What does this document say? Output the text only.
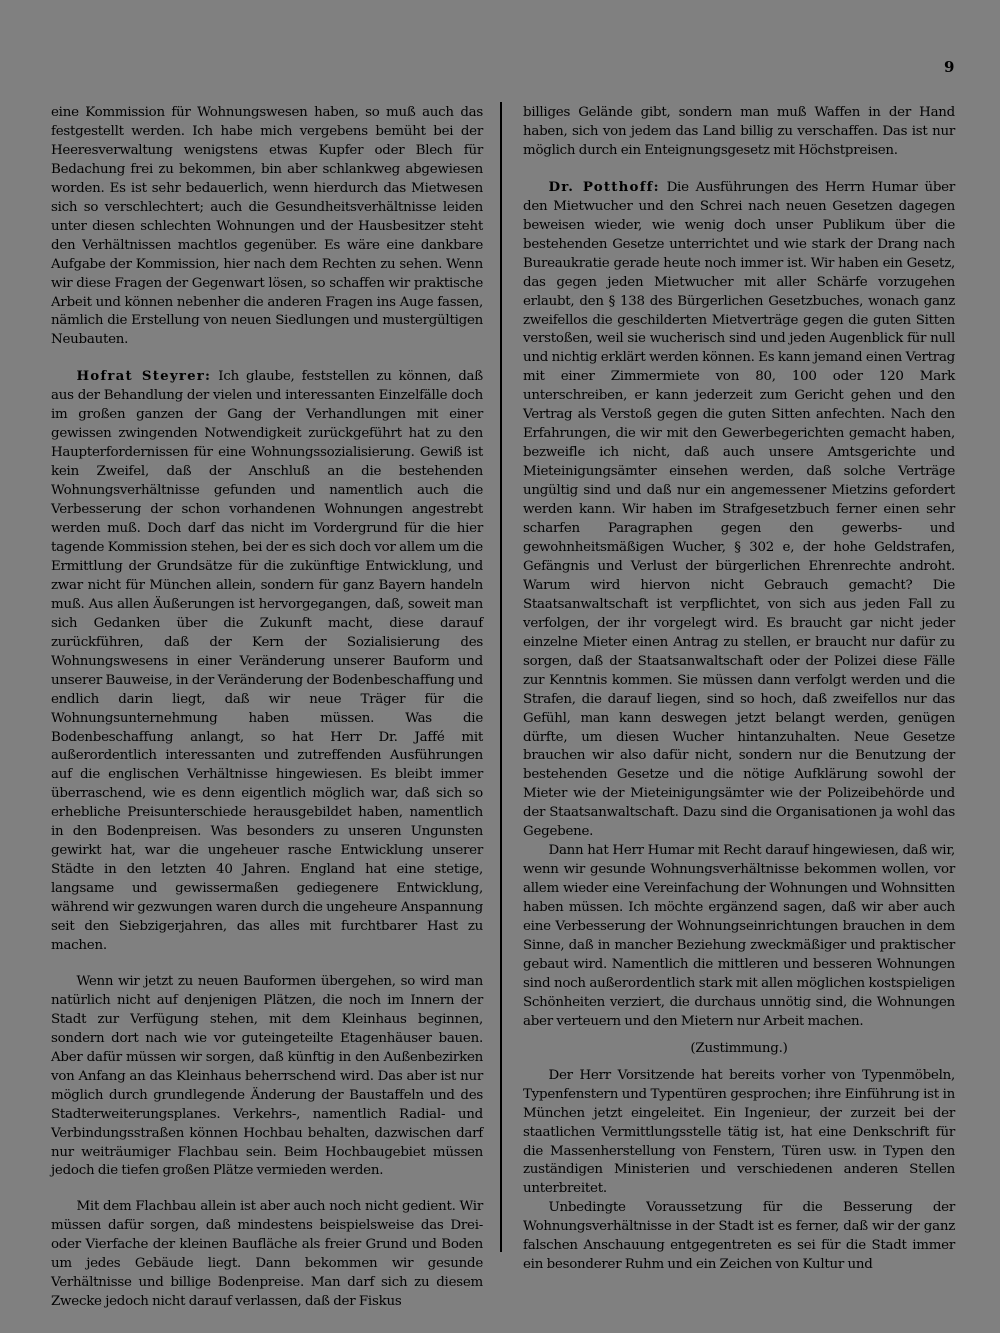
9

eine Kommission für Wohnungswesen haben, so muß auch das festgestellt werden. Ich habe mich vergebens bemüht bei der Heeresverwaltung wenigstens etwas Kupfer oder Blech für Bedachung frei zu bekommen, bin aber schlankweg abgewiesen worden. Es ist sehr bedauerlich, wenn hierdurch das Mietwesen sich so verschlechtert; auch die Gesundheitsverhältnisse leiden unter diesen schlechten Wohnungen und der Hausbesitzer steht den Verhältnissen machtlos gegenüber. Es wäre eine dankbare Aufgabe der Kommission, hier nach dem Rechten zu sehen. Wenn wir diese Fragen der Gegenwart lösen, so schaffen wir praktische Arbeit und können nebenher die anderen Fragen ins Auge fassen, nämlich die Erstellung von neuen Siedlungen und mustergültigen Neubauten.

Hofrat Steyrer: Ich glaube, feststellen zu können, daß aus der Behandlung der vielen und interessanten Einzelfälle doch im großen ganzen der Gang der Verhandlungen mit einer gewissen zwingenden Notwendigkeit zurückgeführt hat zu den Haupterfordernissen für eine Wohnungssozialisierung. Gewiß ist kein Zweifel, daß der Anschluß an die bestehenden Wohnungsverhältnisse gefunden und namentlich auch die Verbesserung der schon vorhandenen Wohnungen angestrebt werden muß. Doch darf das nicht im Vordergrund für die hier tagende Kommission stehen, bei der es sich doch vor allem um die Ermittlung der Grundsätze für die zukünftige Entwicklung, und zwar nicht für München allein, sondern für ganz Bayern handeln muß. Aus allen Äußerungen ist hervorgegangen, daß, soweit man sich Gedanken über die Zukunft macht, diese darauf zurückführen, daß der Kern der Sozialisierung des Wohnungswesens in einer Veränderung unserer Bauform und unserer Bauweise, in der Veränderung der Bodenbeschaffung und endlich darin liegt, daß wir neue Träger für die Wohnungsunternehmung haben müssen. Was die Bodenbeschaffung anlangt, so hat Herr Dr. Jaffé mit außerordentlich interessanten und zutreffenden Ausführungen auf die englischen Verhältnisse hingewiesen. Es bleibt immer überraschend, wie es denn eigentlich möglich war, daß sich so erhebliche Preisunterschiede herausgebildet haben, namentlich in den Bodenpreisen. Was besonders zu unseren Ungunsten gewirkt hat, war die ungeheuer rasche Entwicklung unserer Städte in den letzten 40 Jahren. England hat eine stetige, langsame und gewissermaßen gediegenere Entwicklung, während wir gezwungen waren durch die ungeheure Anspannung seit den Siebzigerjahren, das alles mit furchtbarer Hast zu machen.

Wenn wir jetzt zu neuen Bauformen übergehen, so wird man natürlich nicht auf denjenigen Plätzen, die noch im Innern der Stadt zur Verfügung stehen, mit dem Kleinhaus beginnen, sondern dort nach wie vor guteingeteilte Etagenhäuser bauen. Aber dafür müssen wir sorgen, daß künftig in den Außenbezirken von Anfang an das Kleinhaus beherrschend wird. Das aber ist nur möglich durch grundlegende Änderung der Baustaffeln und des Stadterweiterungsplanes. Verkehrs-, namentlich Radial- und Verbindungsstraßen können Hochbau behalten, dazwischen darf nur weiträumiger Flachbau sein. Beim Hochbaugebiet müssen jedoch die tiefen großen Plätze vermieden werden.

Mit dem Flachbau allein ist aber auch noch nicht gedient. Wir müssen dafür sorgen, daß mindestens beispielsweise das Drei- oder Vierfache der kleinen Baufläche als freier Grund und Boden um jedes Gebäude liegt. Dann bekommen wir gesunde Verhältnisse und billige Bodenpreise. Man darf sich zu diesem Zwecke jedoch nicht darauf verlassen, daß der Fiskus

billiges Gelände gibt, sondern man muß Waffen in der Hand haben, sich von jedem das Land billig zu verschaffen. Das ist nur möglich durch ein Enteignungsgesetz mit Höchstpreisen.

Dr. Potthoff: Die Ausführungen des Herrn Humar über den Mietwucher und den Schrei nach neuen Gesetzen dagegen beweisen wieder, wie wenig doch unser Publikum über die bestehenden Gesetze unterrichtet und wie stark der Drang nach Bureaukratie gerade heute noch immer ist. Wir haben ein Gesetz, das gegen jeden Mietwucher mit aller Schärfe vorzugehen erlaubt, den § 138 des Bürgerlichen Gesetzbuches, wonach ganz zweifellos die geschilderten Mietverträge gegen die guten Sitten verstoßen, weil sie wucherisch sind und jeden Augenblick für null und nichtig erklärt werden können. Es kann jemand einen Vertrag mit einer Zimmermiete von 80, 100 oder 120 Mark unterschreiben, er kann jederzeit zum Gericht gehen und den Vertrag als Verstoß gegen die guten Sitten anfechten. Nach den Erfahrungen, die wir mit den Gewerbegerichten gemacht haben, bezweifle ich nicht, daß auch unsere Amtsgerichte und Mieteinigungsämter einsehen werden, daß solche Verträge ungültig sind und daß nur ein angemessener Mietzins gefordert werden kann. Wir haben im Strafgesetzbuch ferner einen sehr scharfen Paragraphen gegen den gewerbs- und gewohnheitsmäßigen Wucher, § 302 e, der hohe Geldstrafen, Gefängnis und Verlust der bürgerlichen Ehrenrechte androht. Warum wird hiervon nicht Gebrauch gemacht? Die Staatsanwaltschaft ist verpflichtet, von sich aus jeden Fall zu verfolgen, der ihr vorgelegt wird. Es braucht gar nicht jeder einzelne Mieter einen Antrag zu stellen, er braucht nur dafür zu sorgen, daß der Staatsanwaltschaft oder der Polizei diese Fälle zur Kenntnis kommen. Sie müssen dann verfolgt werden und die Strafen, die darauf liegen, sind so hoch, daß zweifellos nur das Gefühl, man kann deswegen jetzt belangt werden, genügen dürfte, um diesen Wucher hintanzuhalten. Neue Gesetze brauchen wir also dafür nicht, sondern nur die Benutzung der bestehenden Gesetze und die nötige Aufklärung sowohl der Mieter wie der Mieteinigungsämter wie der Polizeibehörde und der Staatsanwaltschaft. Dazu sind die Organisationen ja wohl das Gegebene.

Dann hat Herr Humar mit Recht darauf hingewiesen, daß wir, wenn wir gesunde Wohnungsverhältnisse bekommen wollen, vor allem wieder eine Vereinfachung der Wohnungen und Wohnsitten haben müssen. Ich möchte ergänzend sagen, daß wir aber auch eine Verbesserung der Wohnungseinrichtungen brauchen in dem Sinne, daß in mancher Beziehung zweckmäßiger und praktischer gebaut wird. Namentlich die mittleren und besseren Wohnungen sind noch außerordentlich stark mit allen möglichen kostspieligen Schönheiten verziert, die durchaus unnötig sind, die Wohnungen aber verteuern und den Mietern nur Arbeit machen.

(Zustimmung.)

Der Herr Vorsitzende hat bereits vorher von Typenmöbeln, Typenfenstern und Typentüren gesprochen; ihre Einführung ist in München jetzt eingeleitet. Ein Ingenieur, der zurzeit bei der staatlichen Vermittlungsstelle tätig ist, hat eine Denkschrift für die Massenherstellung von Fenstern, Türen usw. in Typen den zuständigen Ministerien und verschiedenen anderen Stellen unterbreitet.

Unbedingte Voraussetzung für die Besserung der Wohnungsverhältnisse in der Stadt ist es ferner, daß wir der ganz falschen Anschauung entgegentreten es sei für die Stadt immer ein besonderer Ruhm und ein Zeichen von Kultur und
